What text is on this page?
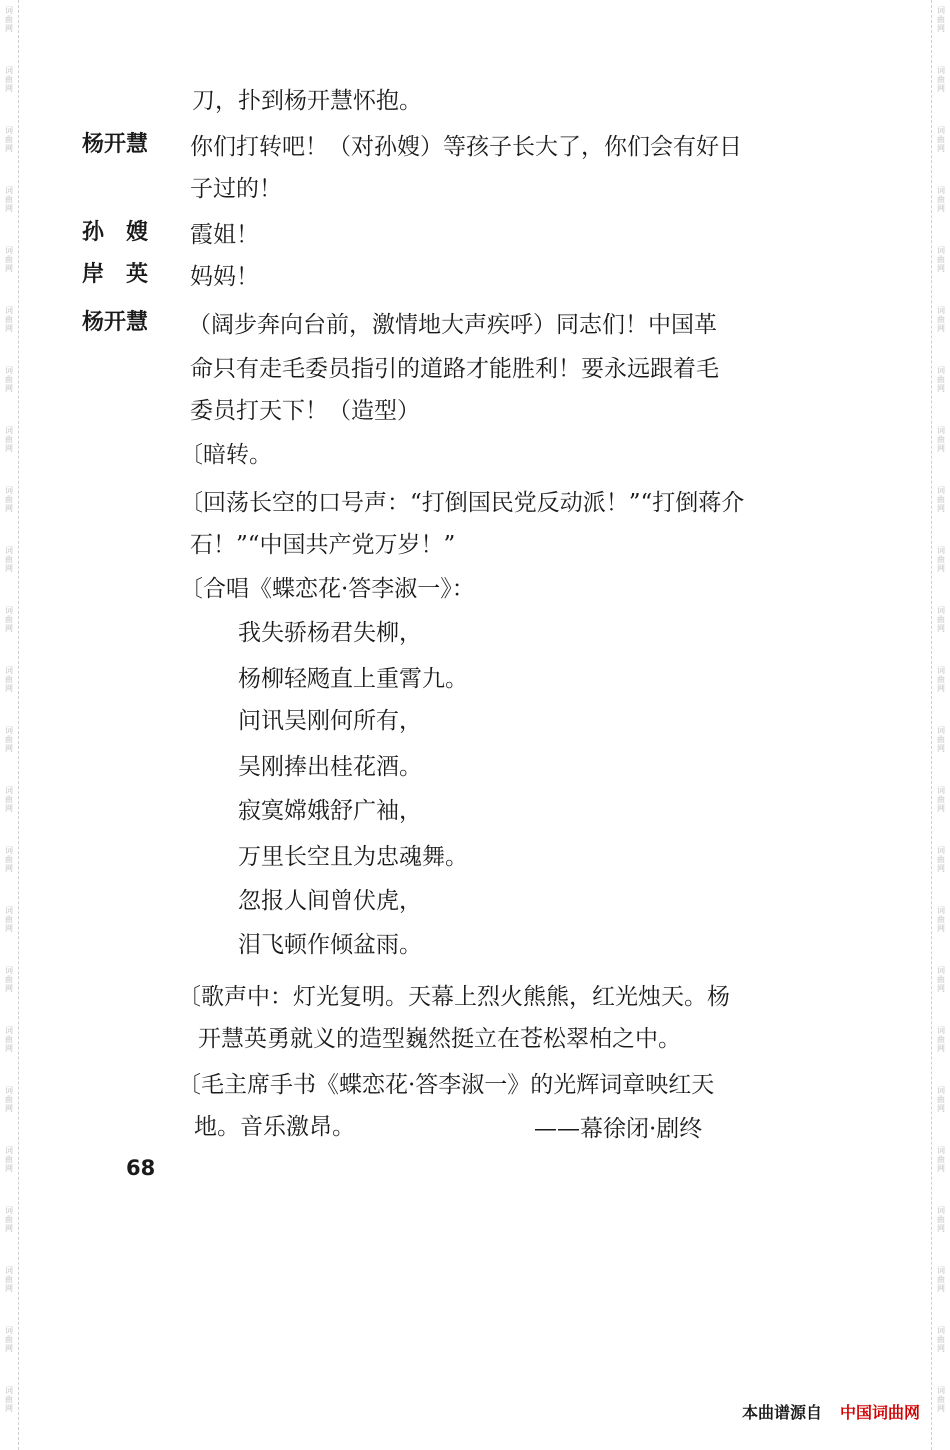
词
曲
网
词
曲
网
词
曲
网
词
曲
网
词
曲
网
词
曲
网
词
曲
网
词
曲
网
词
曲
网
词
曲
网
词
曲
网
词
曲
网
词
曲
网
词
曲
网
词
曲
网
词
曲
网
词
曲
网
词
曲
网
词
曲
网
词
曲
网
词
曲
网
词
曲
网
词
曲
网
词
曲
网
词
曲
网
词
曲
网
词
曲
网
词
曲
网
词
曲
网
词
曲
网
词
曲
网
词
曲
网
词
曲
网
词
曲
网
词
曲
网
词
曲
网
词
曲
网
词
曲
网
词
曲
网
词
曲
网
词
曲
网
词
曲
网
词
曲
网
词
曲
网
词
曲
网
词
曲
网
词
曲
网
词
曲
网
刀，扑到杨开慧怀抱。
杨开慧 你们打转吧！（对孙嫂）等孩子长大了，你们会有好日
子过的！
孙　嫂 霞姐！
岸　英 妈妈！
杨开慧 （阔步奔向台前，激情地大声疾呼）同志们！中国革
命只有走毛委员指引的道路才能胜利！要永远跟着毛
委员打天下！（造型）
〔暗转。
〔回荡长空的口号声：“打倒国民党反动派！”“打倒蒋介
石！”“中国共产党万岁！”
〔合唱《蝶恋花·答李淑一》：
我失骄杨君失柳，
杨柳轻飏直上重霄九。
问讯吴刚何所有，
吴刚捧出桂花酒。
寂寞嫦娥舒广袖，
万里长空且为忠魂舞。
忽报人间曾伏虎，
泪飞顿作倾盆雨。
〔歌声中：灯光复明。天幕上烈火熊熊，红光烛天。杨
开慧英勇就义的造型巍然挺立在苍松翠柏之中。
〔毛主席手书《蝶恋花·答李淑一》的光辉词章映红天
地。音乐激昂。	——幕徐闭·剧终
68
本曲谱源自 中国词曲网
